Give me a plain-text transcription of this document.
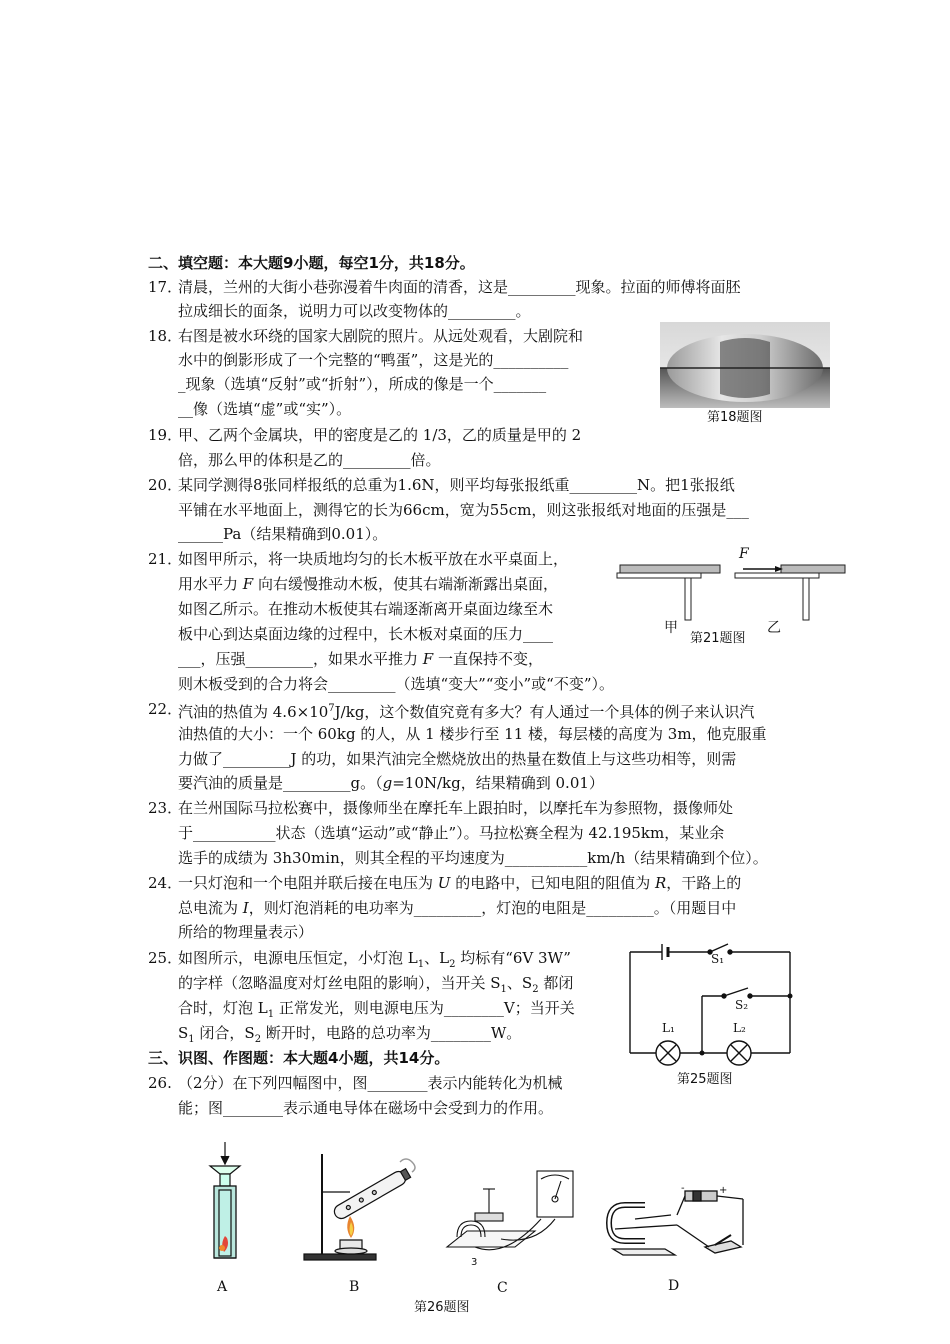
二、填空题：本大题9小题，每空1分，共18分。
17．
清晨，兰州的大街小巷弥漫着牛肉面的清香，这是_________现象。拉面的师傅将面胚
拉成细长的面条，说明力可以改变物体的_________。
18．
右图是被水环绕的国家大剧院的照片。从远处观看，大剧院和
水中的倒影形成了一个完整的“鸭蛋”，这是光的__________
_现象（选填“反射”或“折射”），所成的像是一个_______
__像（选填“虚”或“实”）。	第18题图
19．
甲、乙两个金属块，甲的密度是乙的 1/3，乙的质量是甲的 2
倍，那么甲的体积是乙的_________倍。
20．
某同学测得8张同样报纸的总重为1.6N，则平均每张报纸重_________N。把1张报纸
平铺在水平地面上，测得它的长为66cm，宽为55cm，则这张报纸对地面的压强是___
______Pa（结果精确到0.01）。
21．
如图甲所示，将一块质地均匀的长木板平放在水平桌面上，
用水平力 F 向右缓慢推动木板，使其右端渐渐露出桌面，
如图乙所示。在推动木板使其右端逐渐离开桌面边缘至木
板中心到达桌面边缘的过程中，长木板对桌面的压力____
___，压强_________，如果水平推力 F 一直保持不变，
则木板受到的合力将会_________（选填“变大”“变小”或“不变”）。
F
甲	乙
第21题图
22．
汽油的热值为 $4.6\times 10^7J/kg$，这个数值究竟有多大？有人通过一个具体的例子来认识汽
油热值的大小：一个 60kg 的人，从 1 楼步行至 11 楼，每层楼的高度为 3m，他克服重
力做了_________J 的功，如果汽油完全燃烧放出的热量在数值上与这些功相等，则需
要汽油的质量是_________g。（g=10N/kg，结果精确到 0.01）
23．
在兰州国际马拉松赛中，摄像师坐在摩托车上跟拍时，以摩托车为参照物，摄像师处
于___________状态（选填“运动”或“静止”）。马拉松赛全程为 42.195km，某业余
选手的成绩为 3h30min，则其全程的平均速度为___________km/h（结果精确到个位）。
24．
一只灯泡和一个电阻并联后接在电压为 U 的电路中，已知电阻的阻值为 R，干路上的
总电流为 I，则灯泡消耗的电功率为_________，灯泡的电阻是_________。（用题目中
所给的物理量表示）
25．
如图所示，电源电压恒定，小灯泡 $L_1$、$L_2$ 均标有“6V 3W”
的字样（忽略温度对灯丝电阻的影响），当开关 $S_1$、$S_2$ 都闭
合时，灯泡 $L_1$ 正常发光，则电源电压为________V；当开关
$S_1$ 闭合，$S_2$ 断开时，电路的总功率为________W。
S₁
S₂
L₁	L₂
第25题图
三、识图、作图题：本大题4小题，共14分。
26. （2分）在下列四幅图中，图________表示内能转化为机械
能；图________表示通电导体在磁场中会受到力的作用。
A	B
3
C
-	+
D
第26题图
